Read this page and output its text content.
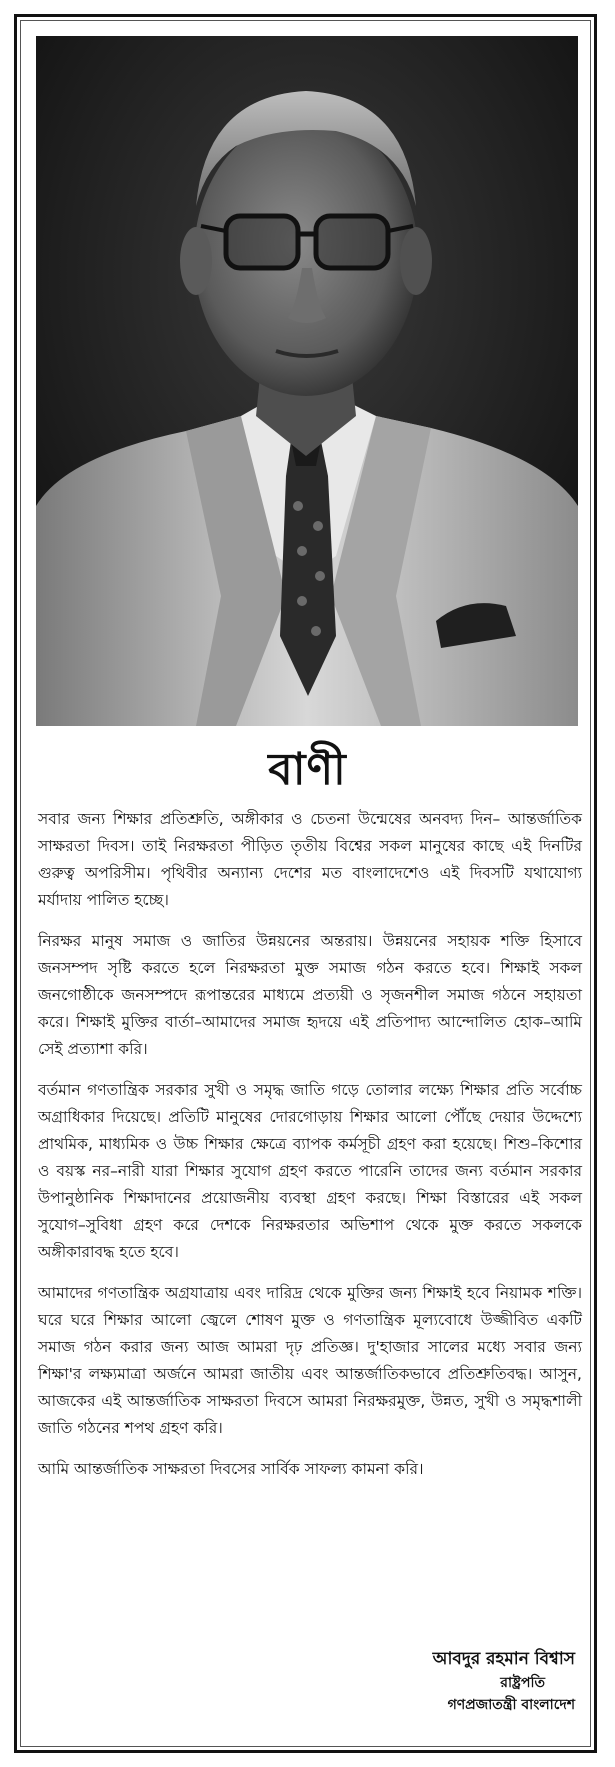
বাণী

সবার জন্য শিক্ষার প্রতিশ্রুতি, অঙ্গীকার ও চেতনা উন্মেষের অনবদ্য দিন– আন্তর্জাতিক সাক্ষরতা দিবস। তাই নিরক্ষরতা পীড়িত তৃতীয় বিশ্বের সকল মানুষের কাছে এই দিনটির গুরুত্ব অপরিসীম। পৃথিবীর অন্যান্য দেশের মত বাংলাদেশেও এই দিবসটি যথাযোগ্য মর্যাদায় পালিত হচ্ছে।

নিরক্ষর মানুষ সমাজ ও জাতির উন্নয়নের অন্তরায়। উন্নয়নের সহায়ক শক্তি হিসাবে জনসম্পদ সৃষ্টি করতে হলে নিরক্ষরতা মুক্ত সমাজ গঠন করতে হবে। শিক্ষাই সকল জনগোষ্ঠীকে জনসম্পদে রূপান্তরের মাধ্যমে প্রত্যয়ী ও সৃজনশীল সমাজ গঠনে সহায়তা করে। শিক্ষাই মুক্তির বার্তা–আমাদের সমাজ হৃদয়ে এই প্রতিপাদ্য আন্দোলিত হোক–আমি সেই প্রত্যাশা করি।

বর্তমান গণতান্ত্রিক সরকার সুখী ও সমৃদ্ধ জাতি গড়ে তোলার লক্ষ্যে শিক্ষার প্রতি সর্বোচ্চ অগ্রাধিকার দিয়েছে। প্রতিটি মানুষের দোরগোড়ায় শিক্ষার আলো পৌঁছে দেয়ার উদ্দেশ্যে প্রাথমিক, মাধ্যমিক ও উচ্চ শিক্ষার ক্ষেত্রে ব্যাপক কর্মসূচী গ্রহণ করা হয়েছে। শিশু–কিশোর ও বয়স্ক নর–নারী যারা শিক্ষার সুযোগ গ্রহণ করতে পারেনি তাদের জন্য বর্তমান সরকার উপানুষ্ঠানিক শিক্ষাদানের প্রয়োজনীয় ব্যবস্থা গ্রহণ করছে। শিক্ষা বিস্তারের এই সকল সুযোগ–সুবিধা গ্রহণ করে দেশকে নিরক্ষরতার অভিশাপ থেকে মুক্ত করতে সকলকে অঙ্গীকারাবদ্ধ হতে হবে।

আমাদের গণতান্ত্রিক অগ্রযাত্রায় এবং দারিদ্র থেকে মুক্তির জন্য শিক্ষাই হবে নিয়ামক শক্তি। ঘরে ঘরে শিক্ষার আলো জ্বেলে শোষণ মুক্ত ও গণতান্ত্রিক মূল্যবোধে উজ্জীবিত একটি সমাজ গঠন করার জন্য আজ আমরা দৃঢ় প্রতিজ্ঞ। দু'হাজার সালের মধ্যে সবার জন্য শিক্ষা'র লক্ষ্যমাত্রা অর্জনে আমরা জাতীয় এবং আন্তর্জাতিকভাবে প্রতিশ্রুতিবদ্ধ। আসুন, আজকের এই আন্তর্জাতিক সাক্ষরতা দিবসে আমরা নিরক্ষরমুক্ত, উন্নত, সুখী ও সমৃদ্ধশালী জাতি গঠনের শপথ গ্রহণ করি।

আমি আন্তর্জাতিক সাক্ষরতা দিবসের সার্বিক সাফল্য কামনা করি।

আবদুর রহমান বিশ্বাস
রাষ্ট্রপতি
গণপ্রজাতন্ত্রী বাংলাদেশ
